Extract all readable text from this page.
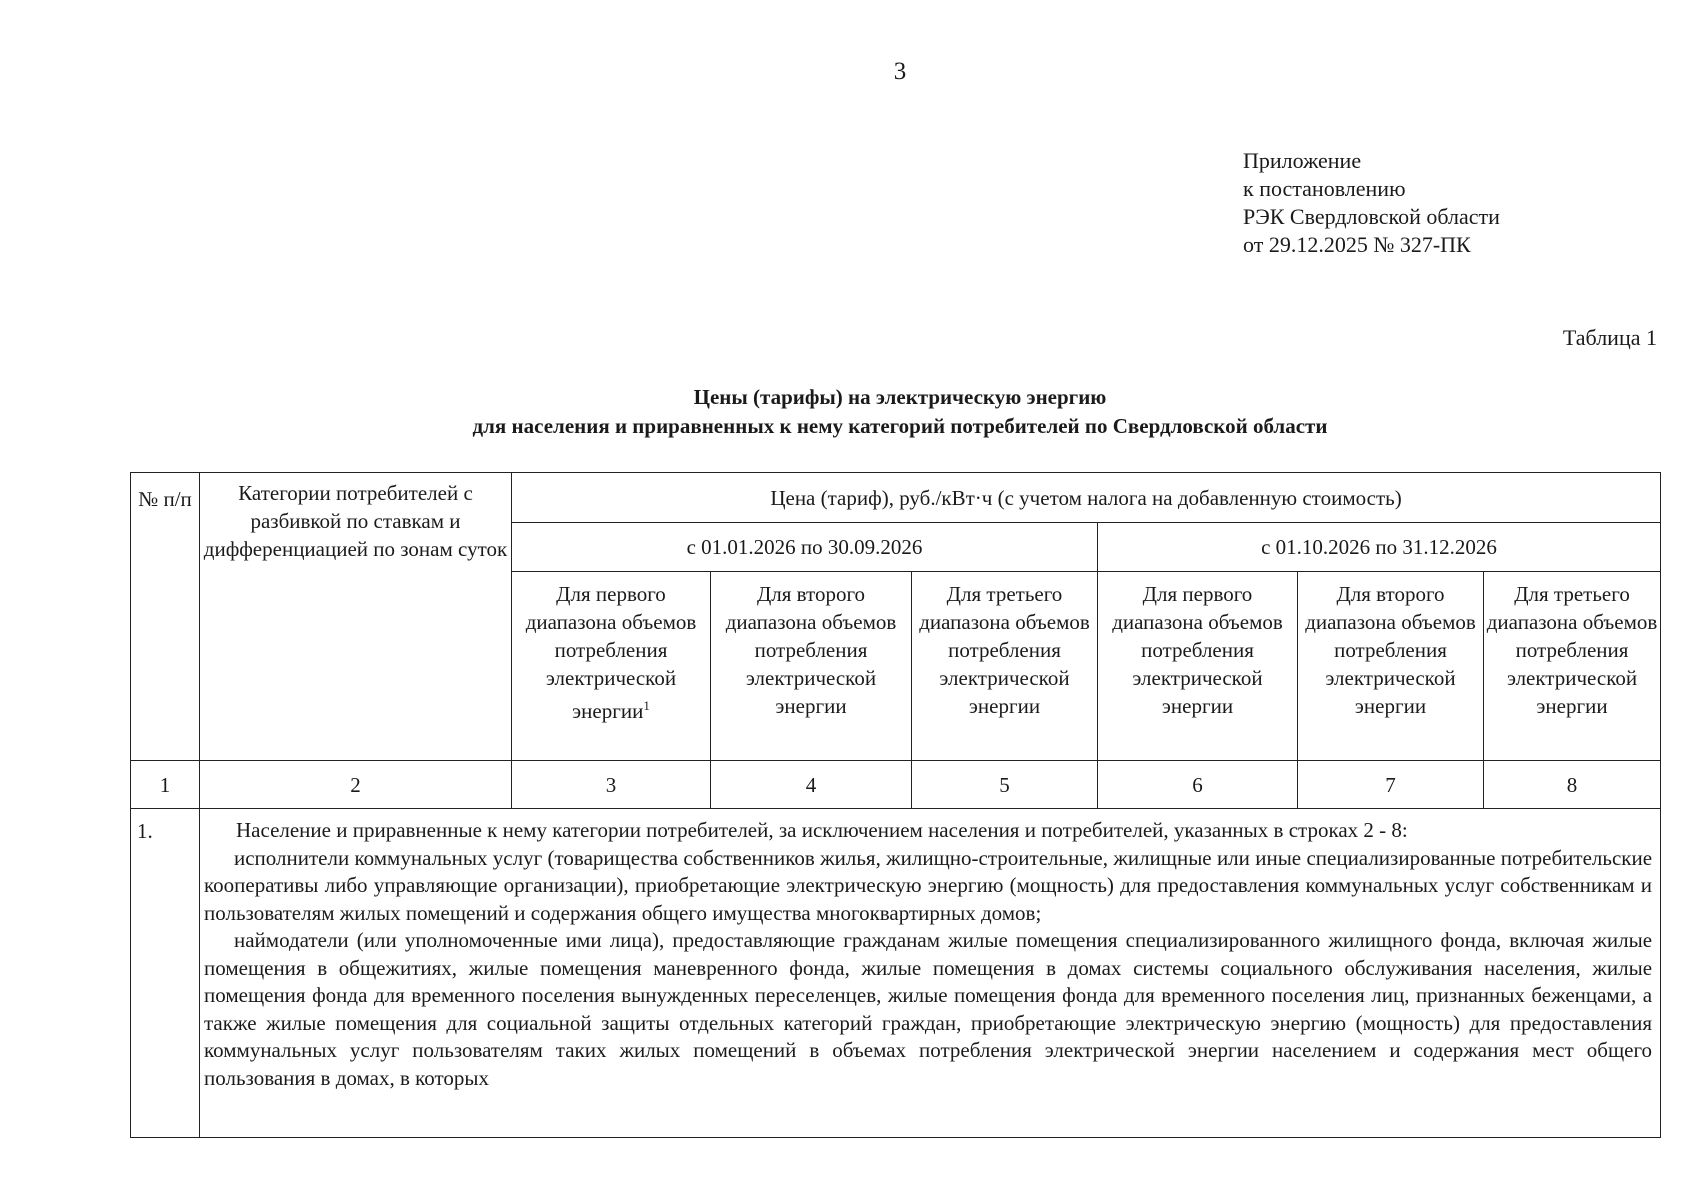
3
Приложение
к постановлению
РЭК Свердловской области
от 29.12.2025 № 327-ПК
Таблица 1
Цены (тарифы) на электрическую энергию
для населения и приравненных к нему категорий потребителей по Свердловской области
№ п/п	Категории потребителей с разбивкой по ставкам и дифференциацией по зонам суток	Цена (тариф), руб./кВт·ч (с учетом налога на добавленную стоимость)					
		с 01.01.2026 по 30.09.2026			с 01.10.2026 по 31.12.2026		
		Для первого диапазона объемов потребления электрической энергии$^1$	Для второго диапазона объемов потребления электрической энергии	Для третьего диапазона объемов потребления электрической энергии	Для первого диапазона объемов потребления электрической энергии	Для второго диапазона объемов потребления электрической энергии	Для третьего диапазона объемов потребления электрической энергии
1	2	3	4	5	6	7	8
1.	Население и приравненные к нему категории потребителей, за исключением населения и потребителей, указанных в строках 2 - 8:

исполнители коммунальных услуг (товарищества собственников жилья, жилищно-строительные, жилищные или иные специализированные потребительские кооперативы либо управляющие организации), приобретающие электрическую энергию (мощность) для предоставления коммунальных услуг собственникам и пользователям жилых помещений и содержания общего имущества многоквартирных домов;

наймодатели (или уполномоченные ими лица), предоставляющие гражданам жилые помещения специализированного жилищного фонда, включая жилые помещения в общежитиях, жилые помещения маневренного фонда, жилые помещения в домах системы социального обслуживания населения, жилые помещения фонда для временного поселения вынужденных переселенцев, жилые помещения фонда для временного поселения лиц, признанных беженцами, а также жилые помещения для социальной защиты отдельных категорий граждан, приобретающие электрическую энергию (мощность) для предоставления коммунальных услуг пользователям таких жилых помещений в объемах потребления электрической энергии населением и содержания мест общего пользования в домах, в которых						
